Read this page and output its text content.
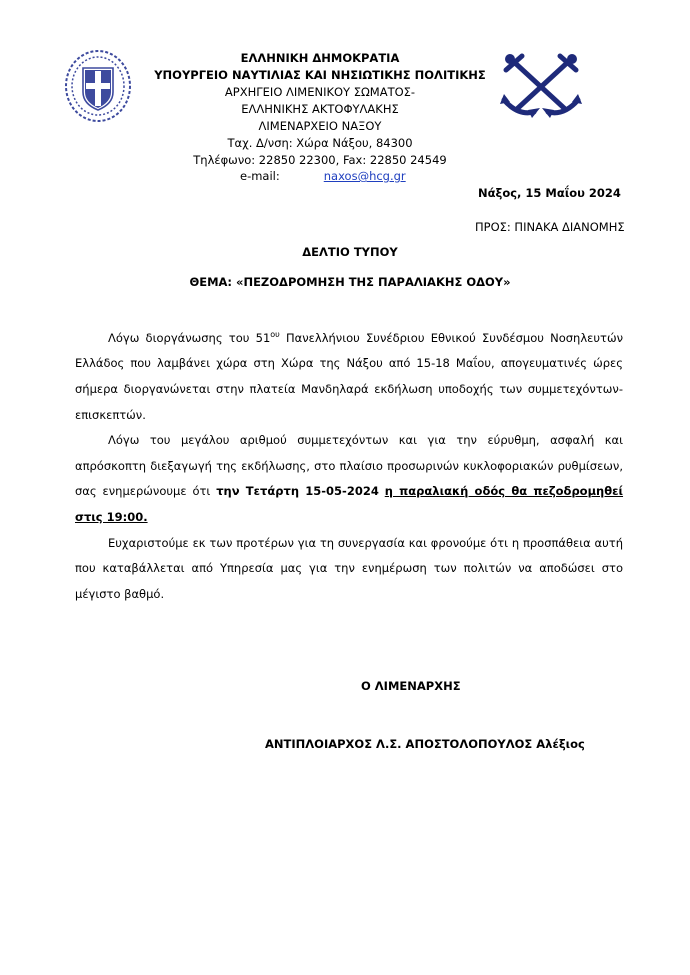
ΕΛΛΗΝΙΚΗ ΔΗΜΟΚΡΑΤΙΑ
ΥΠΟΥΡΓΕΙΟ ΝΑΥΤΙΛΙΑΣ ΚΑΙ ΝΗΣΙΩΤΙΚΗΣ ΠΟΛΙΤΙΚΗΣ
ΑΡΧΗΓΕΙΟ ΛΙΜΕΝΙΚΟΥ ΣΩΜΑΤΟΣ-
ΕΛΛΗΝΙΚΗΣ ΑΚΤΟΦΥΛΑΚΗΣ
ΛΙΜΕΝΑΡΧΕΙΟ ΝΑΞΟΥ
Ταχ. Δ/νση: Χώρα Νάξου, 84300
Τηλέφωνο: 22850 22300, Fax: 22850 24549
e-mail:	naxos@hcg.gr
Νάξος, 15 Μαΐου 2024
ΠΡΟΣ: ΠΙΝΑΚΑ ΔΙΑΝΟΜΗΣ
ΔΕΛΤΙΟ ΤΥΠΟΥ
ΘΕΜΑ: «ΠΕΖΟΔΡΟΜΗΣΗ ΤΗΣ ΠΑΡΑΛΙΑΚΗΣ ΟΔΟΥ»

Λόγω διοργάνωσης του $51^{o\upsilon}$ Πανελλήνιου Συνέδριου Εθνικού Συνδέσμου Νοσηλευτών Ελλάδος που λαμβάνει χώρα στη Χώρα της Νάξου από 15-18 Μαΐου, απογευματινές ώρες σήμερα διοργανώνεται στην πλατεία Μανδηλαρά εκδήλωση υποδοχής των συμμετεχόντων-επισκεπτών.

Λόγω του μεγάλου αριθμού συμμετεχόντων και για την εύρυθμη, ασφαλή και απρόσκοπτη διεξαγωγή της εκδήλωσης, στο πλαίσιο προσωρινών κυκλοφοριακών ρυθμίσεων, σας ενημερώνουμε ότι την Τετάρτη 15-05-2024 η παραλιακή οδός θα πεζοδρομηθεί στις 19:00.

Ευχαριστούμε εκ των προτέρων για τη συνεργασία και φρονούμε ότι η προσπάθεια αυτή που καταβάλλεται από Υπηρεσία μας για την ενημέρωση των πολιτών να αποδώσει στο μέγιστο βαθμό.

Ο ΛΙΜΕΝΑΡΧΗΣ
ΑΝΤΙΠΛΟΙΑΡΧΟΣ Λ.Σ. ΑΠΟΣΤΟΛΟΠΟΥΛΟΣ Αλέξιος
